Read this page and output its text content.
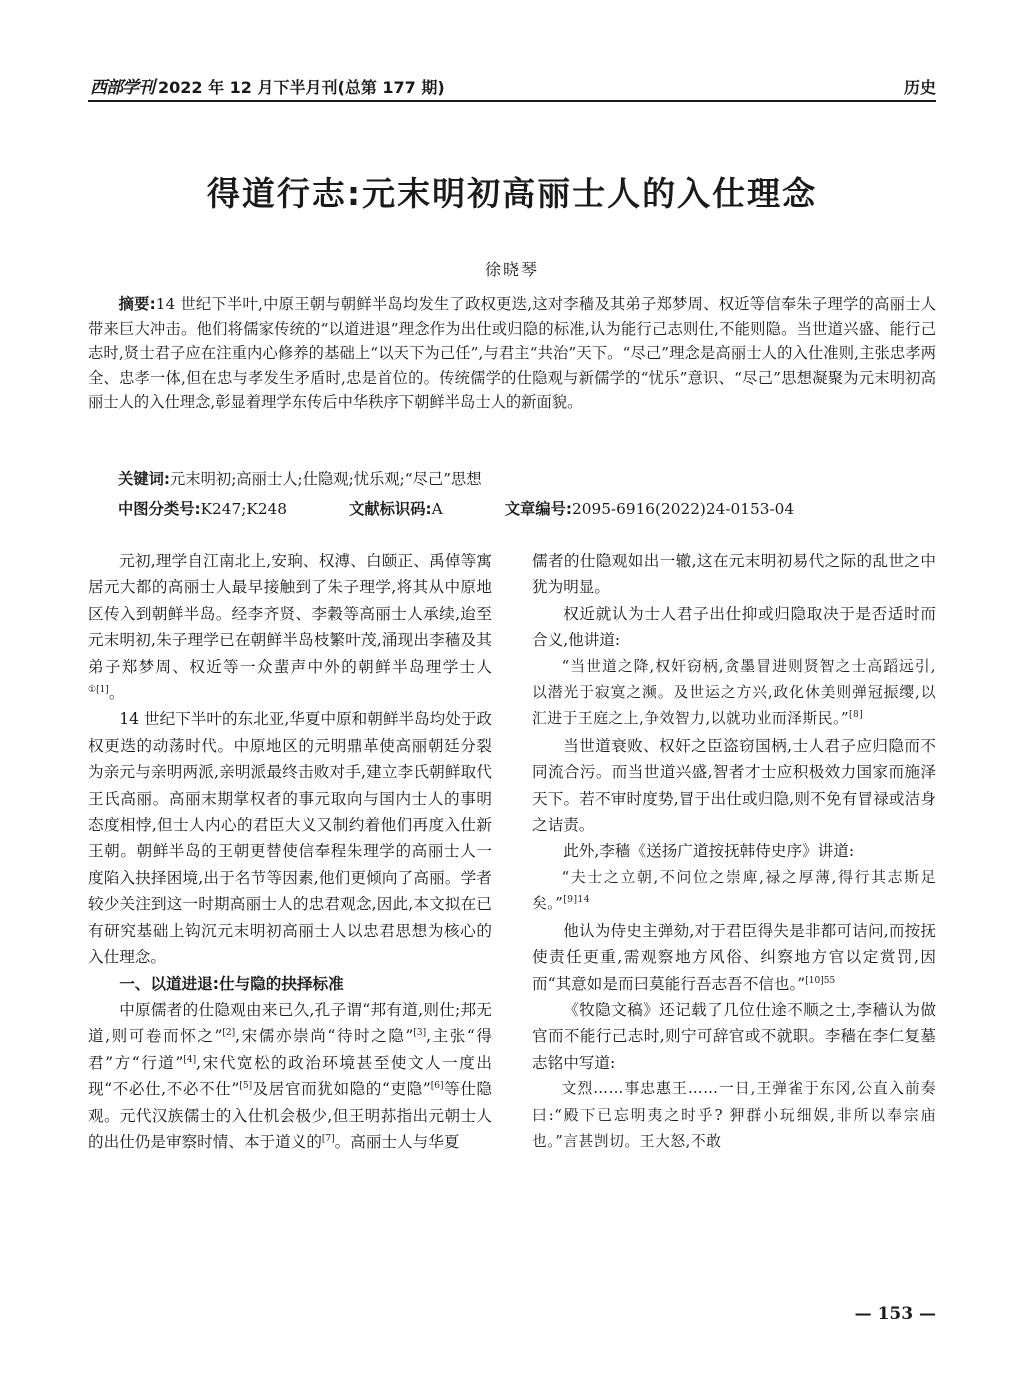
西部学刊 2022 年 12 月下半月刊(总第 177 期)	历史
得道行志:元末明初高丽士人的入仕理念
徐晓琴
摘要:14 世纪下半叶,中原王朝与朝鲜半岛均发生了政权更迭,这对李穑及其弟子郑梦周、权近等信奉朱子理学的高丽士人带来巨大冲击。他们将儒家传统的“以道进退”理念作为出仕或归隐的标准,认为能行己志则仕,不能则隐。当世道兴盛、能行己志时,贤士君子应在注重内心修养的基础上“以天下为己任”,与君主“共治”天下。“尽己”理念是高丽士人的入仕准则,主张忠孝两全、忠孝一体,但在忠与孝发生矛盾时,忠是首位的。传统儒学的仕隐观与新儒学的“忧乐”意识、“尽己”思想凝聚为元末明初高丽士人的入仕理念,彰显着理学东传后中华秩序下朝鲜半岛士人的新面貌。
关键词:元末明初;高丽士人;仕隐观;忧乐观;“尽己”思想
中图分类号:K247;K248	文献标识码:A	文章编号:2095-6916(2022)24-0153-04

元初,理学自江南北上,安珦、权溥、白颐正、禹倬等寓居元大都的高丽士人最早接触到了朱子理学,将其从中原地区传入到朝鲜半岛。经李齐贤、李穀等高丽士人承续,迨至元末明初,朱子理学已在朝鲜半岛枝繁叶茂,涌现出李穑及其弟子郑梦周、权近等一众蜚声中外的朝鲜半岛理学士人$^{①[1]}$。

14 世纪下半叶的东北亚,华夏中原和朝鲜半岛均处于政权更迭的动荡时代。中原地区的元明鼎革使高丽朝廷分裂为亲元与亲明两派,亲明派最终击败对手,建立李氏朝鲜取代王氏高丽。高丽末期掌权者的事元取向与国内士人的事明态度相悖,但士人内心的君臣大义又制约着他们再度入仕新王朝。朝鲜半岛的王朝更替使信奉程朱理学的高丽士人一度陷入抉择困境,出于名节等因素,他们更倾向了高丽。学者较少关注到这一时期高丽士人的忠君观念,因此,本文拟在已有研究基础上钩沉元末明初高丽士人以忠君思想为核心的入仕理念。

一、以道进退:仕与隐的抉择标准

中原儒者的仕隐观由来已久,孔子谓“邦有道,则仕;邦无道,则可卷而怀之”[2],宋儒亦崇尚“待时之隐”[3],主张“得君”方“行道”[4],宋代宽松的政治环境甚至使文人一度出现“不必仕,不必不仕”[5]及居官而犹如隐的“吏隐”[6]等仕隐观。元代汉族儒士的入仕机会极少,但王明荪指出元朝士人的出仕仍是审察时情、本于道义的[7]。高丽士人与华夏

儒者的仕隐观如出一辙,这在元末明初易代之际的乱世之中犹为明显。

权近就认为士人君子出仕抑或归隐取决于是否适时而合义,他讲道:

“当世道之降,权奸窃柄,贪墨冒进则贤智之士高蹈远引,以潜光于寂寞之濒。及世运之方兴,政化休美则弹冠振缨,以汇进于王庭之上,争效智力,以就功业而泽斯民。”[8]

当世道衰败、权奸之臣盗窃国柄,士人君子应归隐而不同流合污。而当世道兴盛,智者才士应积极效力国家而施泽天下。若不审时度势,冒于出仕或归隐,则不免有冒禄或洁身之诘责。

此外,李穑《送扬广道按抚韩侍史序》讲道:

“夫士之立朝,不问位之崇庳,禄之厚薄,得行其志斯足矣。”$^{[9]14}$

他认为侍史主弹劾,对于君臣得失是非都可诘问,而按抚使责任更重,需观察地方风俗、纠察地方官以定赏罚,因而“其意如是而曰莫能行吾志吾不信也。”$^{[10]55}$

《牧隐文稿》还记载了几位仕途不顺之士,李穑认为做官而不能行己志时,则宁可辞官或不就职。李穑在李仁复墓志铭中写道:

文烈……事忠惠王……一日,王弹雀于东冈,公直入前奏曰:“殿下已忘明夷之时乎? 狎群小玩细娱,非所以奉宗庙也。”言甚剀切。王大怒,不敢

— 153 —
